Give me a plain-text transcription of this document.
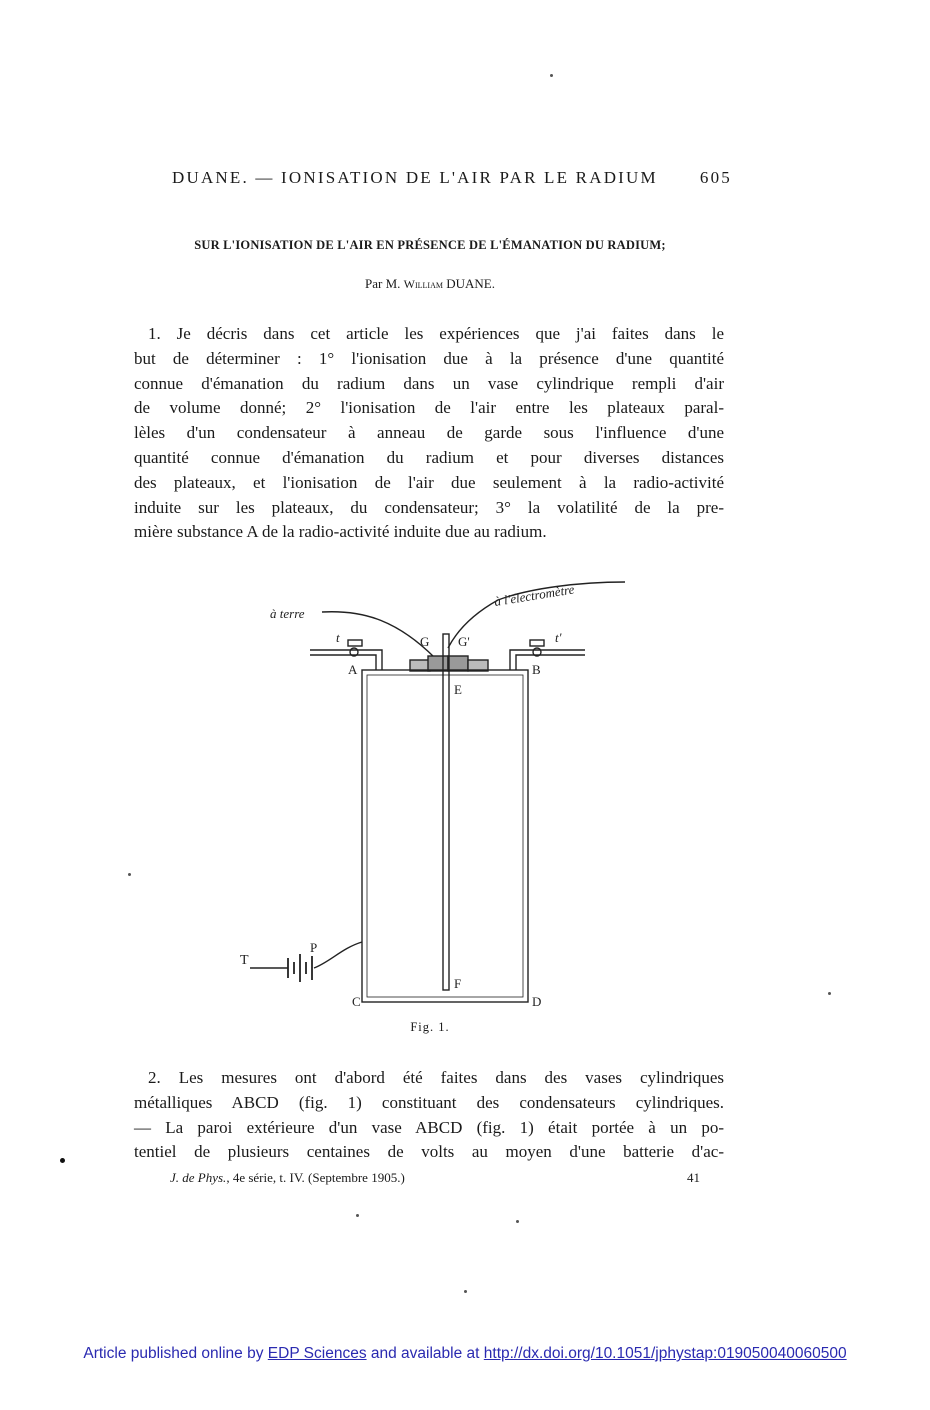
DUANE. — IONISATION DE L'AIR PAR LE RADIUM 605
SUR L'IONISATION DE L'AIR EN PRÉSENCE DE L'ÉMANATION DU RADIUM;
Par M. William DUANE.
1. Je décris dans cet article les expériences que j'ai faites dans le
but de déterminer : 1° l'ionisation due à la présence d'une quantité
connue d'émanation du radium dans un vase cylindrique rempli d'air
de volume donné; 2° l'ionisation de l'air entre les plateaux paral-
lèles d'un condensateur à anneau de garde sous l'influence d'une
quantité connue d'émanation du radium et pour diverses distances
des plateaux, et l'ionisation de l'air due seulement à la radio-activité
induite sur les plateaux, du condensateur; 3° la volatilité de la pre-
mière substance A de la radio-activité induite due au radium.
à terre
à l'électromètre
t	t'
G G'
A	B
C	D
E
F
T
P
Fig. 1.
2. Les mesures ont d'abord été faites dans des vases cylindriques
métalliques ABCD (fig. 1) constituant des condensateurs cylindriques.
— La paroi extérieure d'un vase ABCD (fig. 1) était portée à un po-
tentiel de plusieurs centaines de volts au moyen d'une batterie d'ac-
J. de Phys., 4e série, t. IV. (Septembre 1905.)	41
Article published online by EDP Sciences and available at http://dx.doi.org/10.1051/jphystap:019050040060500
